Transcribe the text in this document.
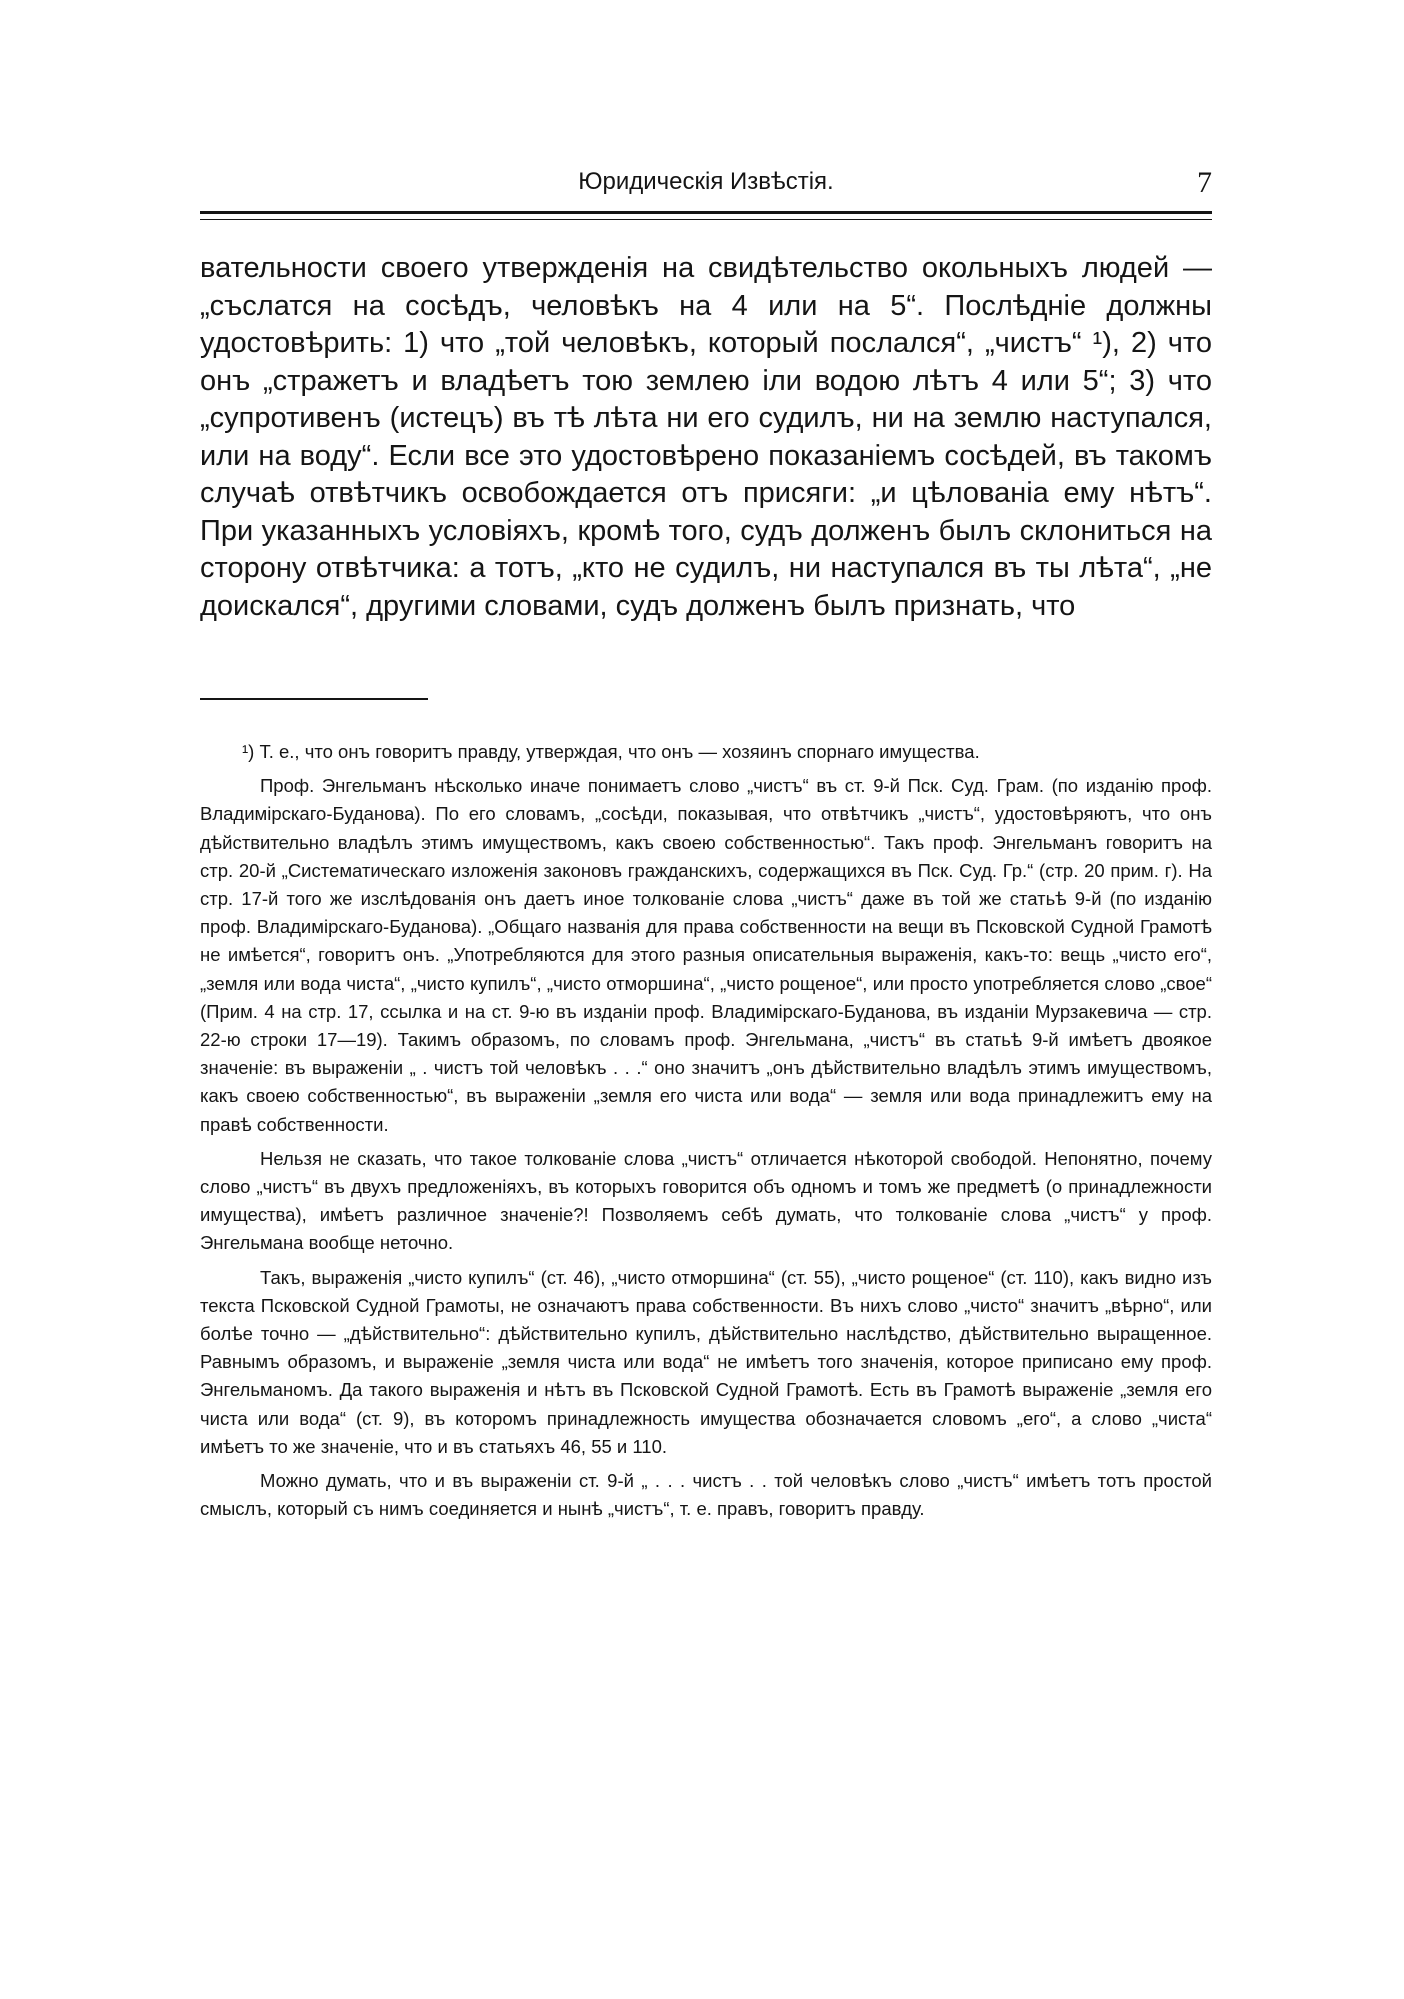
Юридическія Извѣстія.	7

вательности своего утвержденія на свидѣтельство окольныхъ людей — „съслатся на сосѣдъ, человѣкъ на 4 или на 5“. Послѣдніе должны удостовѣрить: 1) что „той человѣкъ, который послался“, „чистъ“ ¹), 2) что онъ „стражетъ и владѣетъ тою землею іли водою лѣтъ 4 или 5“; 3) что „супротивенъ (истецъ) въ тѣ лѣта ни его судилъ, ни на землю наступался, или на воду“. Если все это удостовѣрено показаніемъ сосѣдей, въ такомъ случаѣ отвѣтчикъ освобождается отъ присяги: „и цѣлованіа ему нѣтъ“. При указанныхъ условіяхъ, кромѣ того, судъ долженъ былъ склониться на сторону отвѣтчика: а тотъ, „кто не судилъ, ни наступался въ ты лѣта“, „не доискался“, другими словами, судъ долженъ былъ признать, что

¹) Т. е., что онъ говоритъ правду, утверждая, что онъ — хозяинъ спорнаго имущества.

Проф. Энгельманъ нѣсколько иначе понимаетъ слово „чистъ“ въ ст. 9-й Пск. Суд. Грам. (по изданію проф. Владимірскаго-Буданова). По его словамъ, „сосѣди, показывая, что отвѣтчикъ „чистъ“, удостовѣряютъ, что онъ дѣйствительно владѣлъ этимъ имуществомъ, какъ своею собственностью“. Такъ проф. Энгельманъ говоритъ на стр. 20-й „Систематическаго изложенія законовъ гражданскихъ, содержащихся въ Пск. Суд. Гр.“ (стр. 20 прим. г). На стр. 17-й того же изслѣдованія онъ даетъ иное толкованіе слова „чистъ“ даже въ той же статьѣ 9-й (по изданію проф. Владимірскаго-Буданова). „Общаго названія для права собственности на вещи въ Псковской Судной Грамотѣ не имѣется“, говоритъ онъ. „Употребляются для этого разныя описательныя выраженія, какъ-то: вещь „чисто его“, „земля или вода чиста“, „чисто купилъ“, „чисто отморшина“, „чисто рощеное“, или просто употребляется слово „свое“ (Прим. 4 на стр. 17, ссылка и на ст. 9-ю въ изданіи проф. Владимірскаго-Буданова, въ изданіи Мурзакевича — стр. 22-ю строки 17—19). Такимъ образомъ, по словамъ проф. Энгельмана, „чистъ“ въ статьѣ 9-й имѣетъ двоякое значеніе: въ выраженіи „ . чистъ той человѣкъ . . .“ оно значитъ „онъ дѣйствительно владѣлъ этимъ имуществомъ, какъ своею собственностью“, въ выраженіи „земля его чиста или вода“ — земля или вода принадлежитъ ему на правѣ собственности.

Нельзя не сказать, что такое толкованіе слова „чистъ“ отличается нѣкоторой свободой. Непонятно, почему слово „чистъ“ въ двухъ предложеніяхъ, въ которыхъ говорится объ одномъ и томъ же предметѣ (о принадлежности имущества), имѣетъ различное значеніе?! Позволяемъ себѣ думать, что толкованіе слова „чистъ“ у проф. Энгельмана вообще неточно.

Такъ, выраженія „чисто купилъ“ (ст. 46), „чисто отморшина“ (ст. 55), „чисто рощеное“ (ст. 110), какъ видно изъ текста Псковской Судной Грамоты, не означаютъ права собственности. Въ нихъ слово „чисто“ значитъ „вѣрно“, или болѣе точно — „дѣйствительно“: дѣйствительно купилъ, дѣйствительно наслѣдство, дѣйствительно выращенное. Равнымъ образомъ, и выраженіе „земля чиста или вода“ не имѣетъ того значенія, которое приписано ему проф. Энгельманомъ. Да такого выраженія и нѣтъ въ Псковской Судной Грамотѣ. Есть въ Грамотѣ выраженіе „земля его чиста или вода“ (ст. 9), въ которомъ принадлежность имущества обозначается словомъ „его“, а слово „чиста“ имѣетъ то же значеніе, что и въ статьяхъ 46, 55 и 110.

Можно думать, что и въ выраженіи ст. 9-й „ . . . чистъ . . той человѣкъ слово „чистъ“ имѣетъ тотъ простой смыслъ, который съ нимъ соединяется и нынѣ „чистъ“, т. е. правъ, говоритъ правду.
